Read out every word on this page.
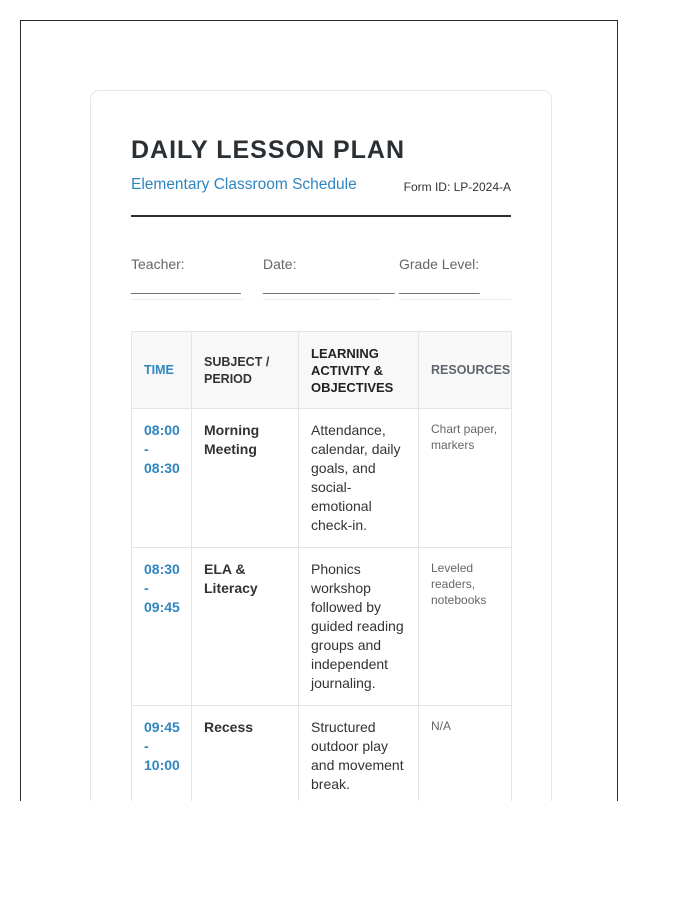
DAILY LESSON PLAN
Elementary Classroom Schedule	Form ID: LP-2024-A
Teacher:
_______________
Date:
__________________
Grade Level:
___________
TIME	SUBJECT / PERIOD	LEARNING ACTIVITY & OBJECTIVES	RESOURCES

08:00
-
08:30	Morning Meeting	Attendance, calendar, daily goals, and social-emotional check-in.	Chart paper, markers

08:30
-
09:45	ELA & Literacy	Phonics workshop followed by guided reading groups and independent journaling.	Leveled readers, notebooks

09:45
-
10:00	Recess	Structured outdoor play and movement break.	N/A
